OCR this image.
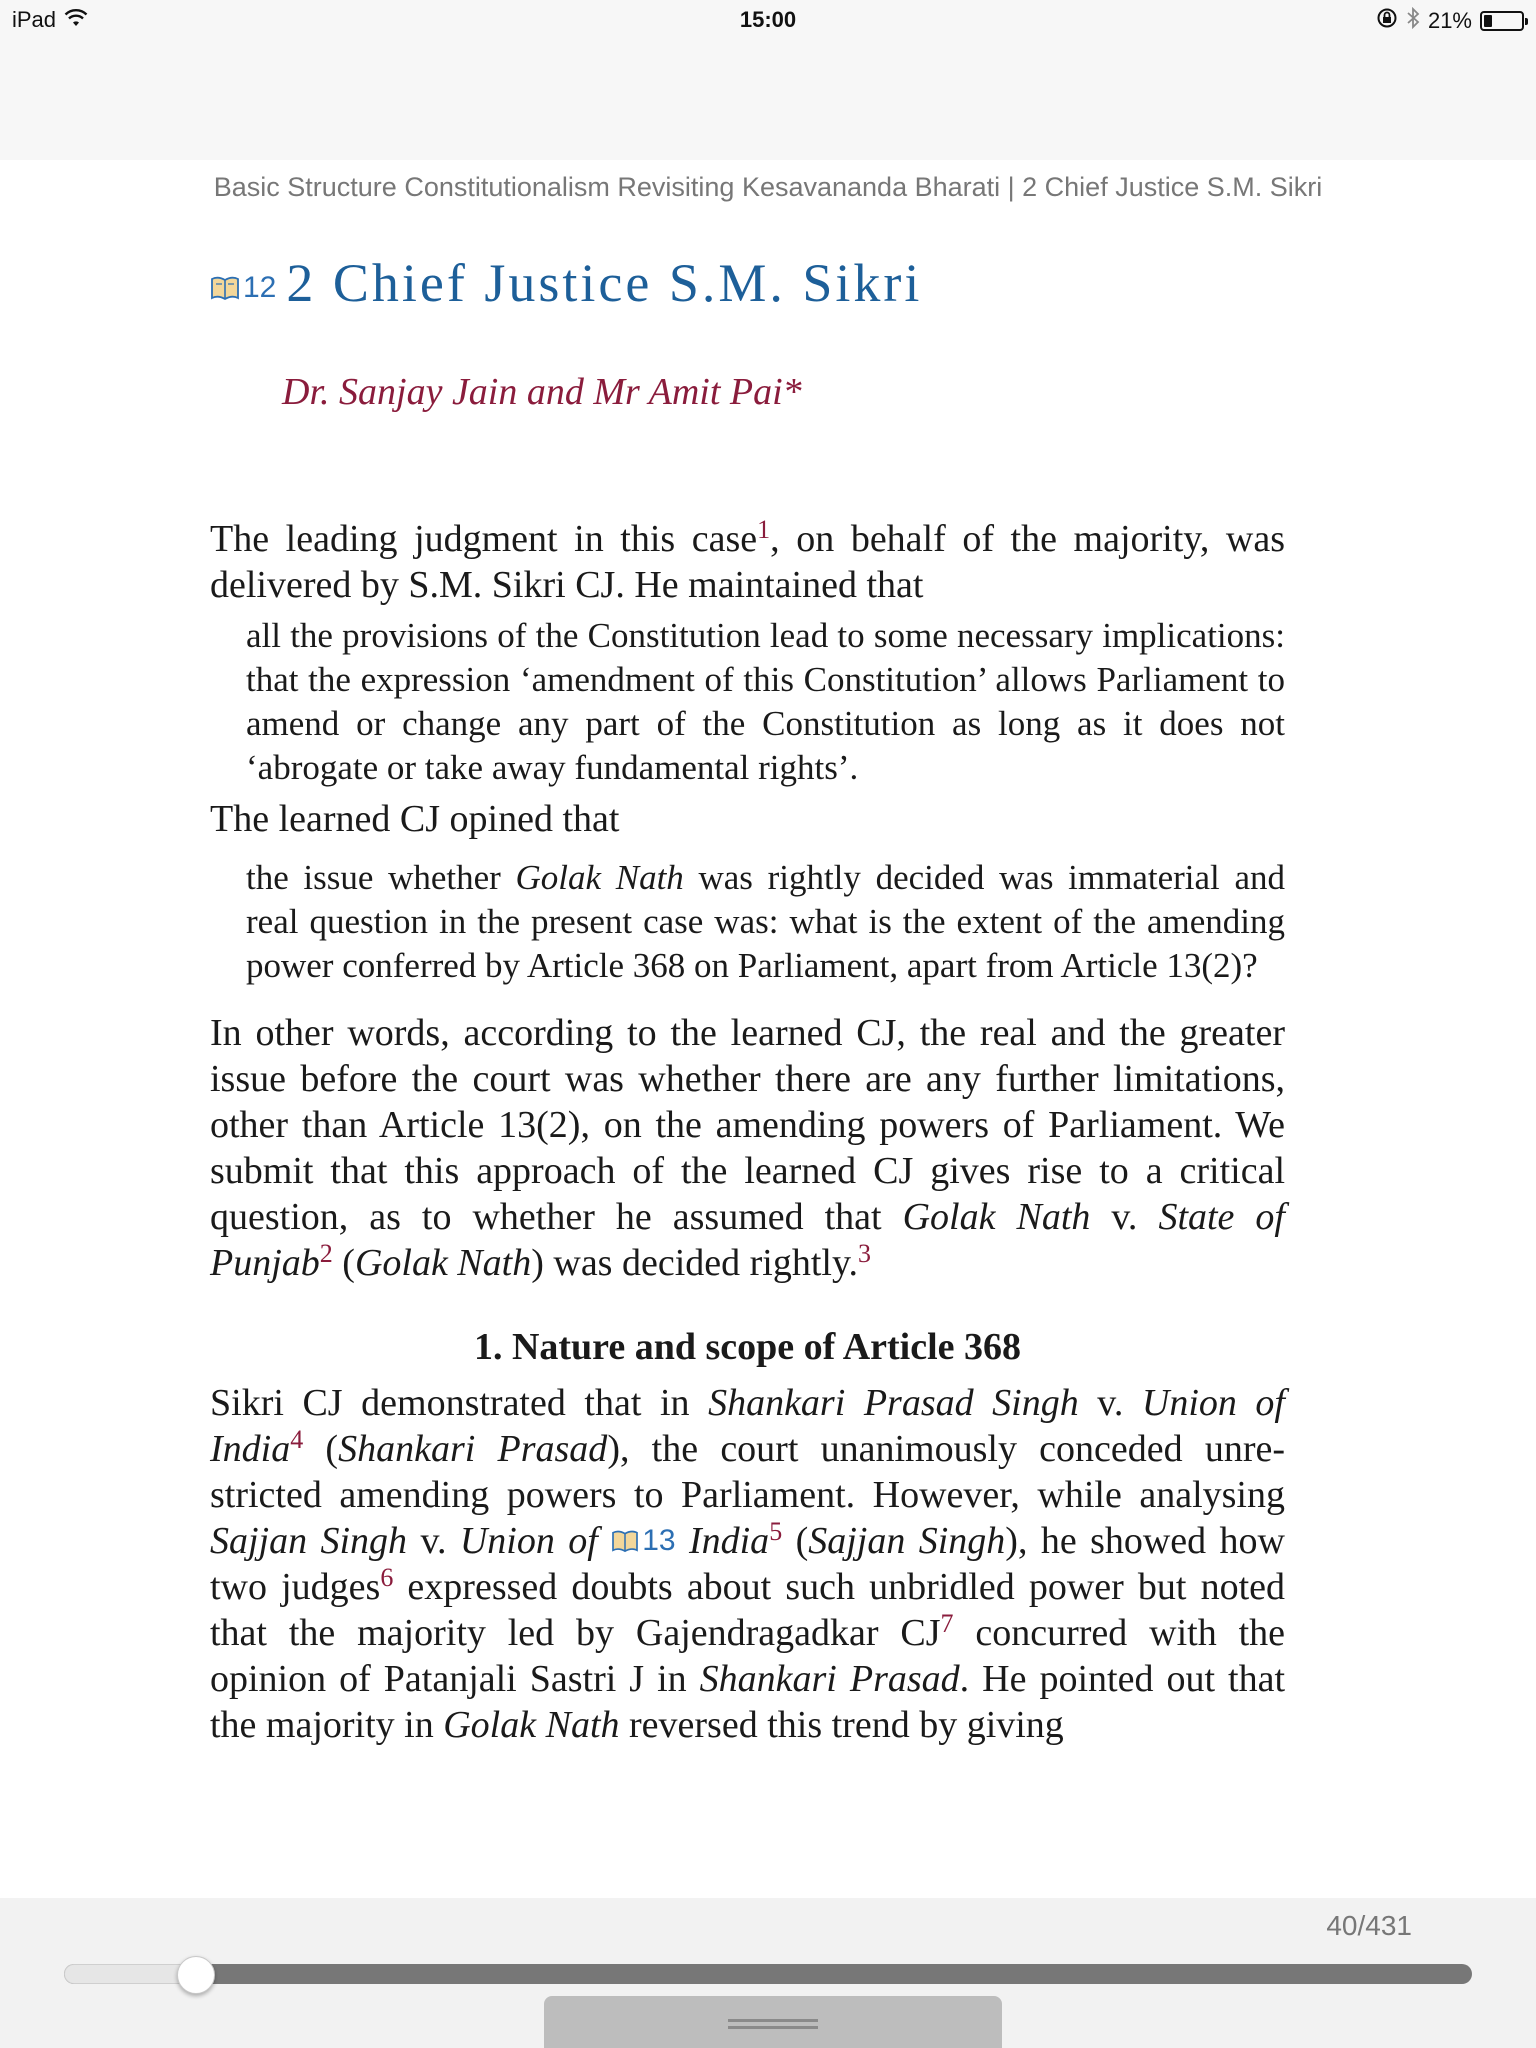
iPad	15:00	21%
Basic Structure Constitutionalism Revisiting Kesavananda Bharati | 2 Chief Justice S.M. Sikri
12 2 Chief Justice S.M. Sikri
Dr. Sanjay Jain and Mr Amit Pai*

The leading judgment in this case$^1$, on behalf of the majority, was delivered by S.M. Sikri CJ. He maintained that

all the provisions of the Constitution lead to some necessary implications: that the expression ‘amendment of this Constitution’ allows Parliament to amend or change any part of the Constitution as long as it does not ‘abrogate or take away fundamental rights’.

The learned CJ opined that

the issue whether Golak Nath was rightly decided was immaterial and real question in the present case was: what is the extent of the amending power conferred by Article 368 on Parliament, apart from Article 13(2)?

In other words, according to the learned CJ, the real and the greater issue before the court was whether there are any further limitations, other than Article 13(2), on the amending powers of Parliament. We submit that this approach of the learned CJ gives rise to a critical question, as to whether he assumed that Golak Nath v. State of Punjab$^2$ (Golak Nath) was decided rightly.$^3$

1. Nature and scope of Article 368

Sikri CJ demonstrated that in Shankari Prasad Singh v. Union of India$^4$ (Shankari Prasad), the court unanimously conceded unrestricted amending powers to Parliament. However, while analysing Sajjan Singh v. Union of 13 India$^5$ (Sajjan Singh), he showed how two judges$^6$ expressed doubts about such unbridled power but noted that the majority led by Gajendragadkar CJ$^7$ concurred with the opinion of Patanjali Sastri J in Shankari Prasad. He pointed out that the majority in Golak Nath reversed this trend by giving

40/431
